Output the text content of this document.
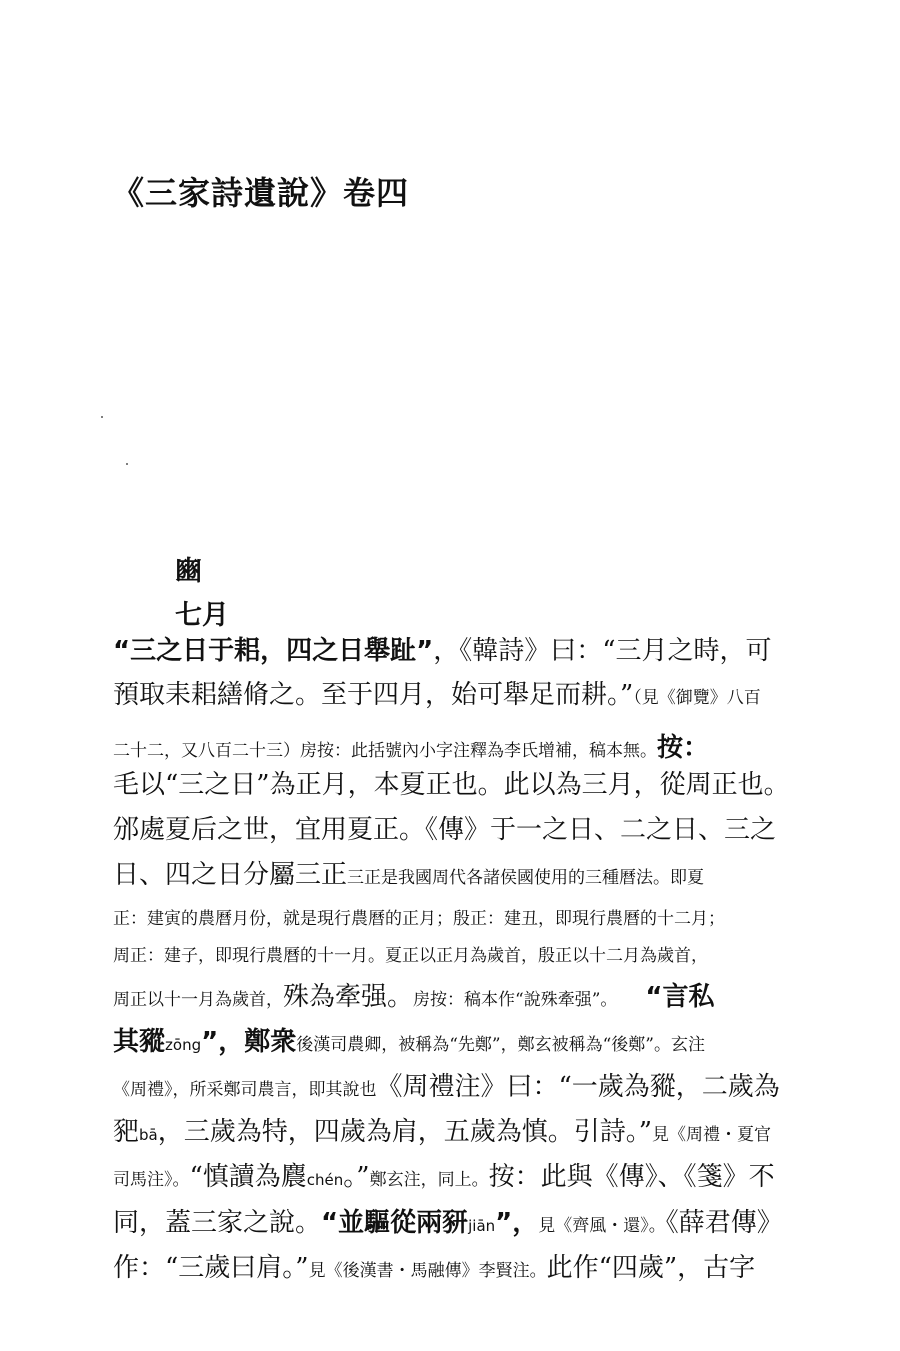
《三家詩遺說》卷四
豳
七月
“三之日于耜，四之日舉趾”，《韓詩》曰：“三月之時，可
預取耒耜繕脩之。至于四月，始可舉足而耕。”（見《御覽》八百
二十二，又八百二十三）房按：此括號內小字注釋為李氏增補，稿本無。按：
毛以“三之日”為正月，本夏正也。此以為三月，從周正也。
邠處夏后之世，宜用夏正。《傳》于一之日、二之日、三之
日、四之日分屬三正三正是我國周代各諸侯國使用的三種曆法。即夏
正：建寅的農曆月份，就是現行農曆的正月；殷正：建丑，即現行農曆的十二月；
周正：建子，即現行農曆的十一月。夏正以正月為歲首，殷正以十二月為歲首，
周正以十一月為歲首，殊為牽强。房按：稿本作“說殊牽强”。 “言私
其豵zōng”，鄭衆後漢司農卿，被稱為“先鄭”，鄭玄被稱為“後鄭”。玄注
《周禮》，所采鄭司農言，即其說也《周禮注》曰：“一歲為豵，二歲為
豝bā，三歲為特，四歲為肩，五歲為慎。引詩。”見《周禮・夏官
司馬注》。“慎讀為麎chén。”鄭玄注，同上。按：此與《傳》、《箋》不
同，蓋三家之說。“並驅從兩豜jiān”，見《齊風・還》。《薛君傳》
作：“三歲曰肩。”見《後漢書・馬融傳》李賢注。此作“四歲”，古字
